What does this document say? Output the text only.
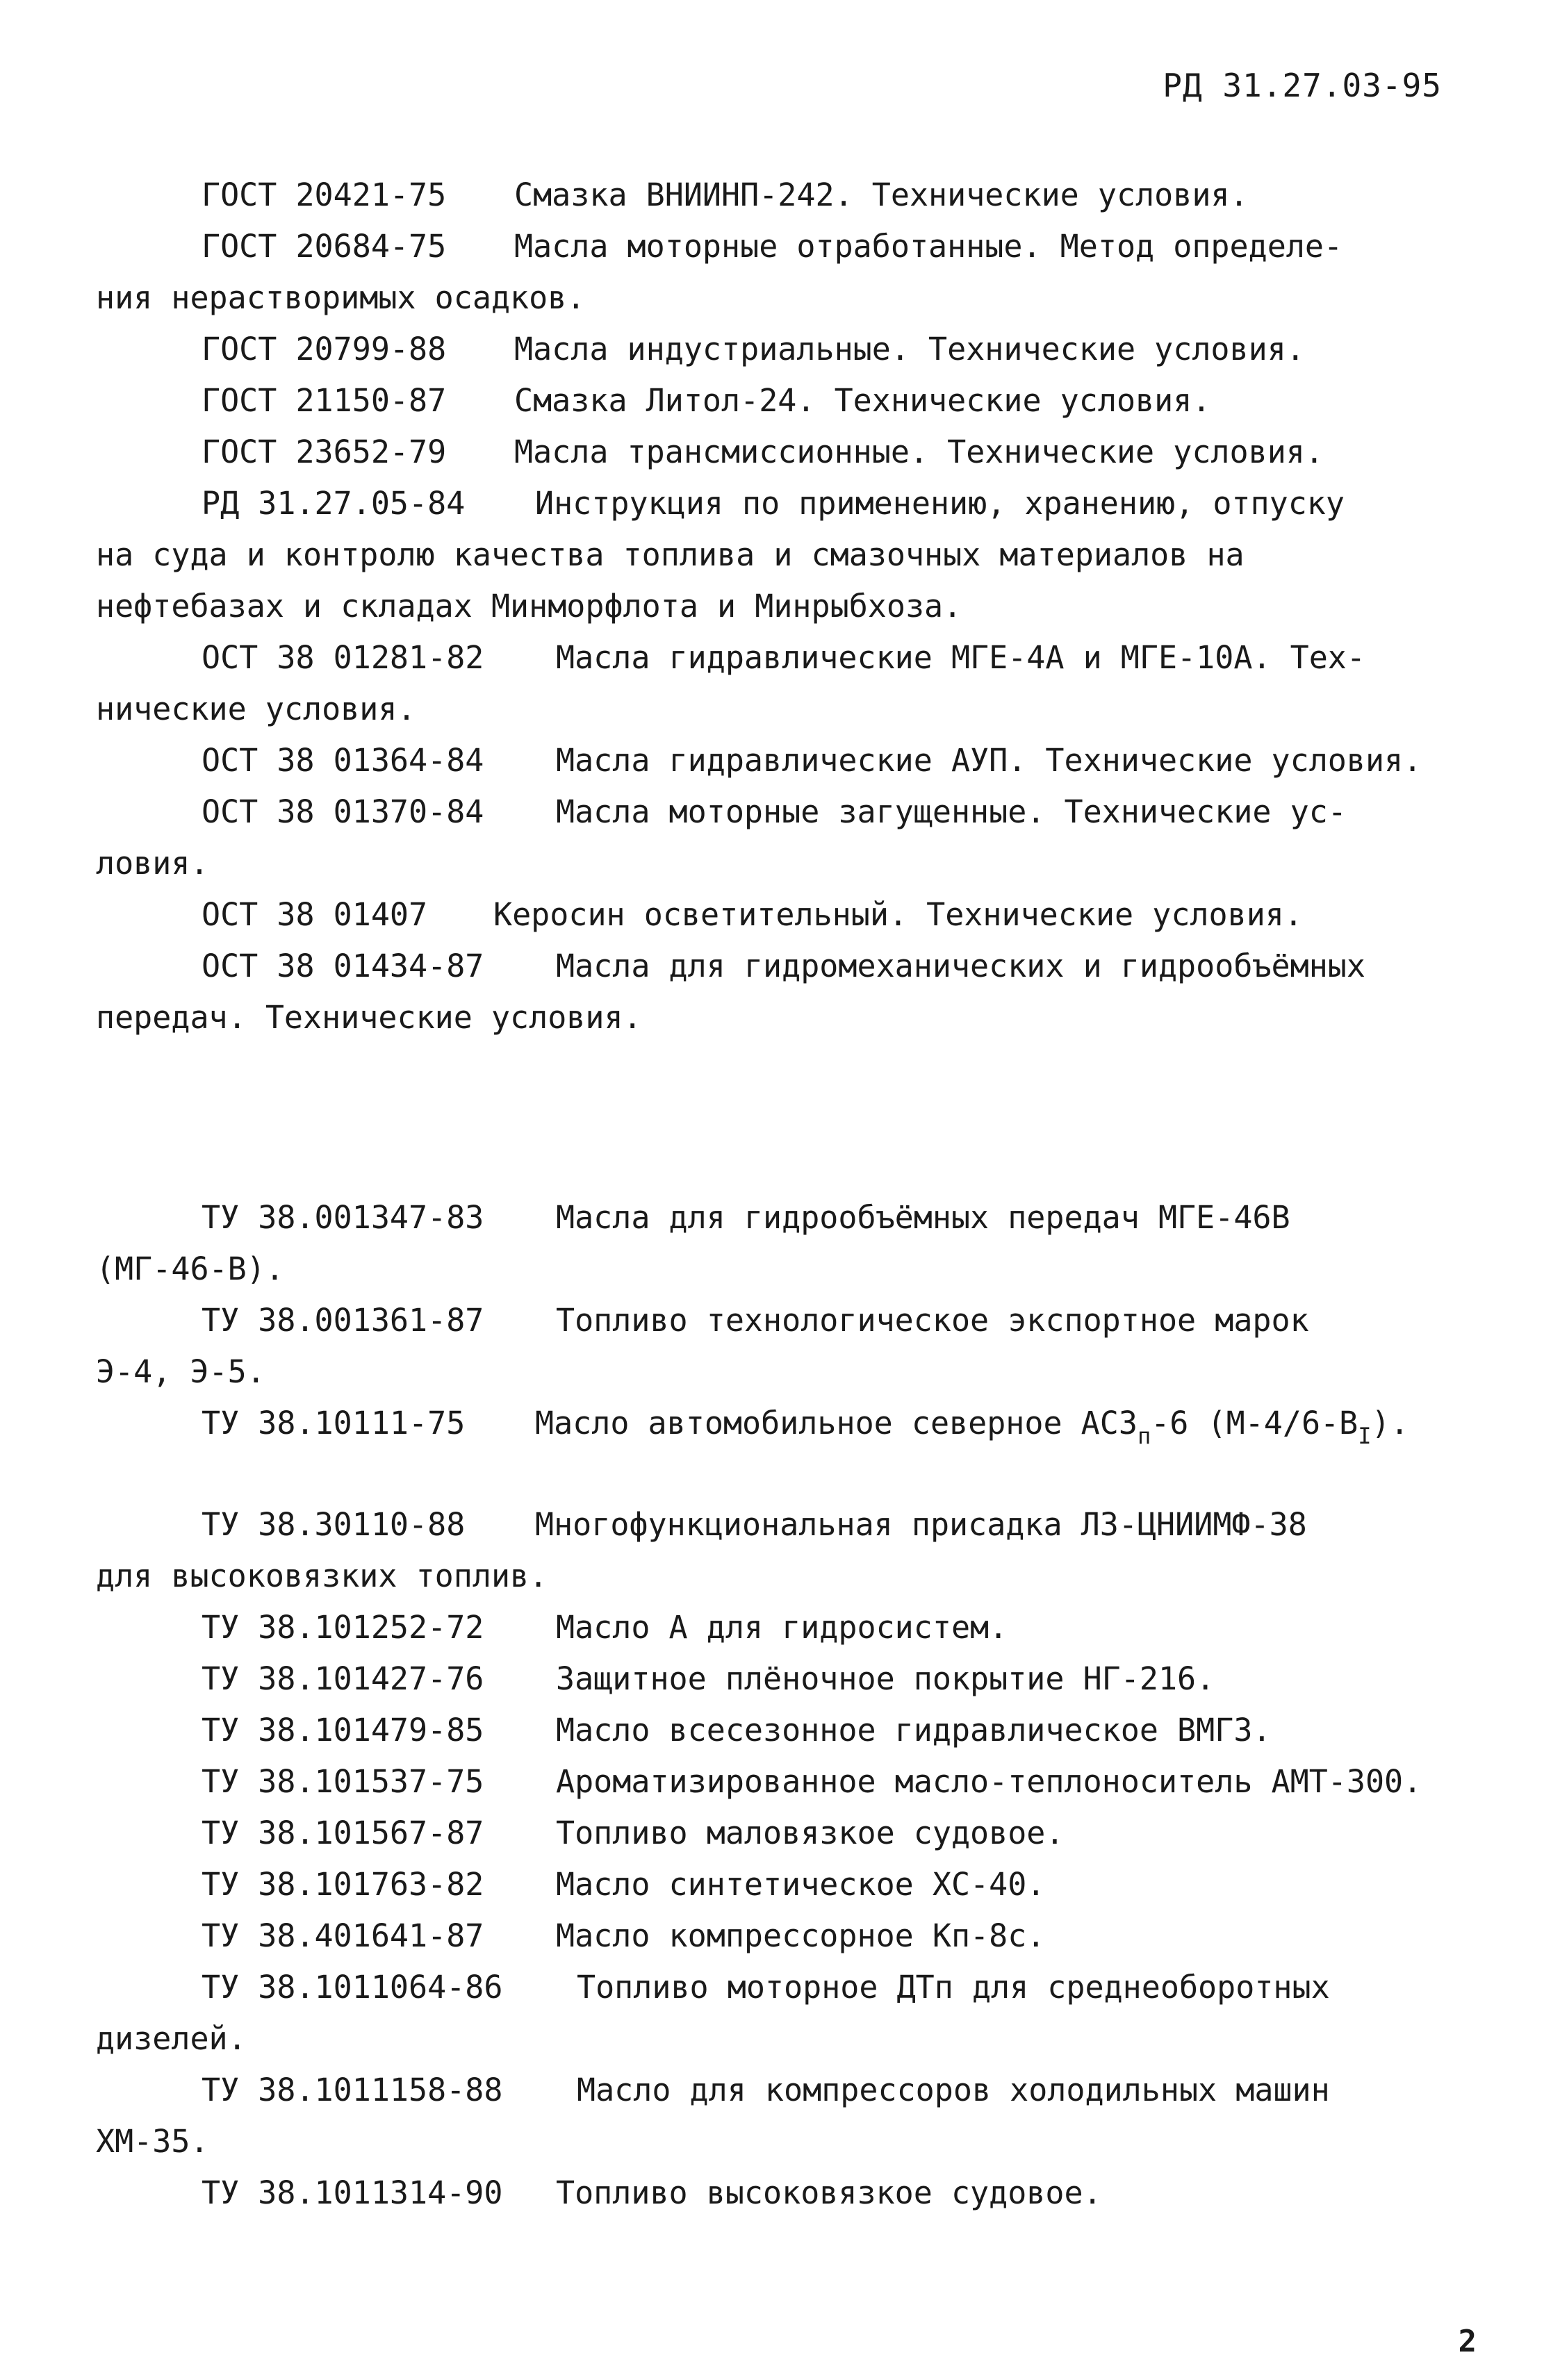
РД 31.27.03-95
ГОСТ 20421-75 Смазка ВНИИНП-242. Технические условия.
ГОСТ 20684-75 Масла моторные отработанные. Метод определе-
ния нерастворимых осадков.
ГОСТ 20799-88 Масла индустриальные. Технические условия.
ГОСТ 21150-87 Смазка Литол-24. Технические условия.
ГОСТ 23652-79 Масла трансмиссионные. Технические условия.
РД 31.27.05-84 Инструкция по применению, хранению, отпуску
на суда и контролю качества топлива и смазочных материалов на
нефтебазах и складах Минморфлота и Минрыбхоза.
ОСТ 38 01281-82 Масла гидравлические МГЕ-4А и МГЕ-10А. Тех-
нические условия.
ОСТ 38 01364-84 Масла гидравлические АУП. Технические условия.
ОСТ 38 01370-84 Масла моторные загущенные. Технические ус-
ловия.
ОСТ 38 01407 Керосин осветительный. Технические условия.
ОСТ 38 01434-87 Масла для гидромеханических и гидрообъёмных
передач. Технические условия.
ТУ 38.001347-83 Масла для гидрообъёмных передач МГЕ-46В
(МГ-46-В).
ТУ 38.001361-87 Топливо технологическое экспортное марок
Э-4, Э-5.
ТУ 38.10111-75 Масло автомобильное северное $АСЗ_п-6$ $(М-4/6-В_I)$.
ТУ 38.30110-88 Многофункциональная присадка ЛЗ-ЦНИИМФ-38
для высоковязких топлив.
ТУ 38.101252-72 Масло А для гидросистем.
ТУ 38.101427-76 Защитное плёночное покрытие НГ-216.
ТУ 38.101479-85 Масло всесезонное гидравлическое ВМГЗ.
ТУ 38.101537-75 Ароматизированное масло-теплоноситель АМТ-300.
ТУ 38.101567-87 Топливо маловязкое судовое.
ТУ 38.101763-82 Масло синтетическое ХС-40.
ТУ 38.401641-87 Масло компрессорное Кп-8с.
ТУ 38.1011064-86 Топливо моторное ДТп для среднеоборотных
дизелей.
ТУ 38.1011158-88 Масло для компрессоров холодильных машин
ХМ-35.
ТУ 38.1011314-90 Топливо высоковязкое судовое.
2
